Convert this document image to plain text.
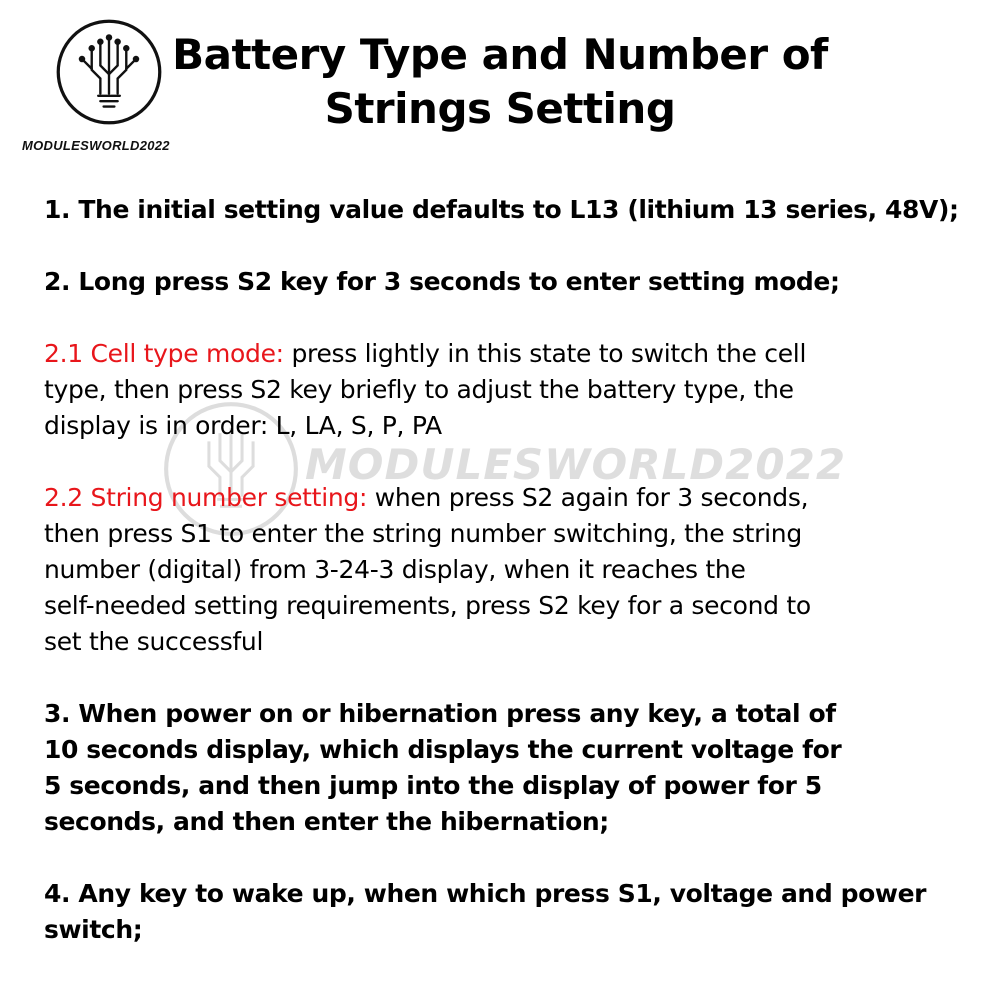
MODULESWORLD2022
Battery Type and Number of
Strings Setting
MODULESWORLD2022
1. The initial setting value defaults to L13 (lithium 13 series, 48V);
2. Long press S2 key for 3 seconds to enter setting mode;
2.1 Cell type mode: press lightly in this state to switch the cell
type, then press S2 key briefly to adjust the battery type, the
display is in order: L, LA, S, P, PA
2.2 String number setting: when press S2 again for 3 seconds,
then press S1 to enter the string number switching, the string
number (digital) from 3-24-3 display, when it reaches the
self-needed setting requirements, press S2 key for a second to
set the successful
3. When power on or hibernation press any key, a total of
10 seconds display, which displays the current voltage for
5 seconds, and then jump into the display of power for 5
seconds, and then enter the hibernation;
4. Any key to wake up, when which press S1, voltage and power
switch;
